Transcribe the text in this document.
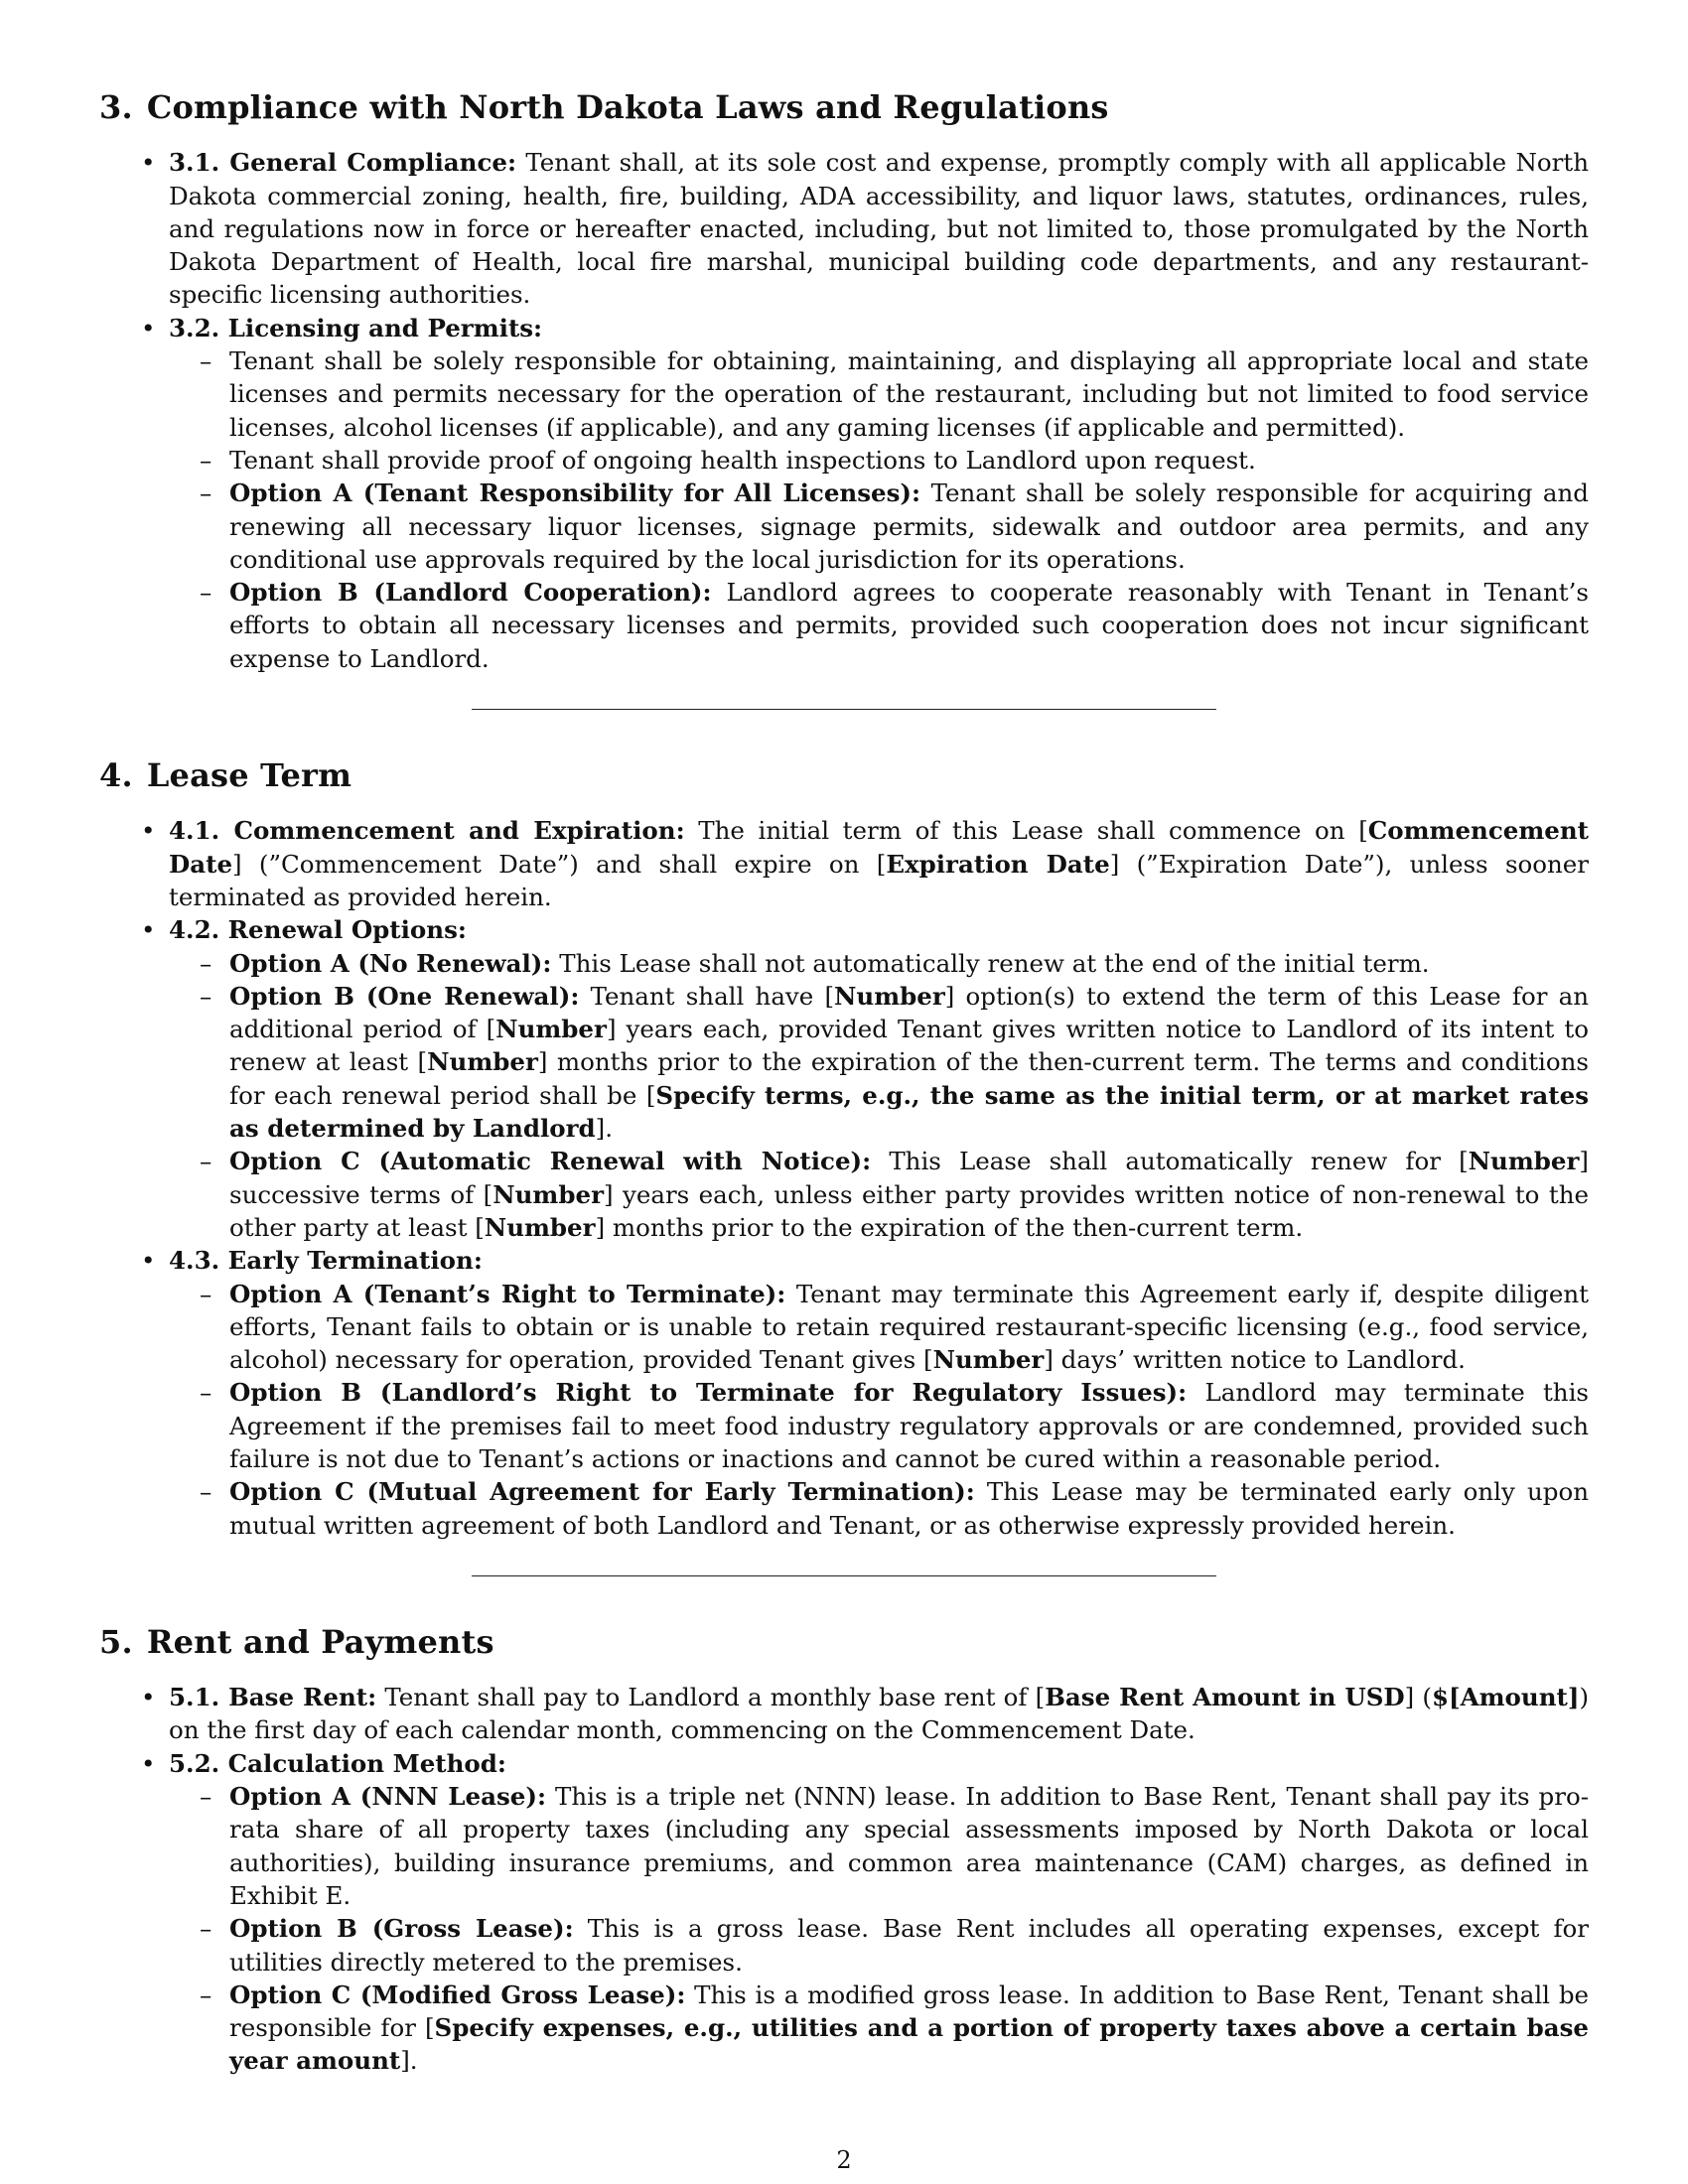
3. Compliance with North Dakota Laws and Regulations
• 3.1. General Compliance: Tenant shall, at its sole cost and expense, promptly comply with all applicable North Dakota commercial zoning, health, fire, building, ADA accessibility, and liquor laws, statutes, ordinances, rules, and regulations now in force or hereafter enacted, including, but not limited to, those promulgated by the North Dakota Department of Health, local fire marshal, municipal building code departments, and any restaurant-specific licensing authorities.
• 3.2. Licensing and Permits:
– Tenant shall be solely responsible for obtaining, maintaining, and displaying all appropriate local and state licenses and permits necessary for the operation of the restaurant, including but not limited to food service licenses, alcohol licenses (if applicable), and any gaming licenses (if applicable and permitted).
– Tenant shall provide proof of ongoing health inspections to Landlord upon request.
– Option A (Tenant Responsibility for All Licenses): Tenant shall be solely responsible for acquiring and renewing all necessary liquor licenses, signage permits, sidewalk and outdoor area permits, and any conditional use approvals required by the local jurisdiction for its operations.
– Option B (Landlord Cooperation): Landlord agrees to cooperate reasonably with Tenant in Tenant’s efforts to obtain all necessary licenses and permits, provided such cooperation does not incur significant expense to Landlord.
4. Lease Term
• 4.1. Commencement and Expiration: The initial term of this Lease shall commence on [Commencement Date] (”Commencement Date”) and shall expire on [Expiration Date] (”Expiration Date”), unless sooner terminated as provided herein.
• 4.2. Renewal Options:
– Option A (No Renewal): This Lease shall not automatically renew at the end of the initial term.
– Option B (One Renewal): Tenant shall have [Number] option(s) to extend the term of this Lease for an additional period of [Number] years each, provided Tenant gives written notice to Landlord of its intent to renew at least [Number] months prior to the expiration of the then-current term. The terms and conditions for each renewal period shall be [Specify terms, e.g., the same as the initial term, or at market rates as determined by Landlord].
– Option C (Automatic Renewal with Notice): This Lease shall automatically renew for [Number] successive terms of [Number] years each, unless either party provides written notice of non-renewal to the other party at least [Number] months prior to the expiration of the then-current term.
• 4.3. Early Termination:
– Option A (Tenant’s Right to Terminate): Tenant may terminate this Agreement early if, despite diligent efforts, Tenant fails to obtain or is unable to retain required restaurant-specific licensing (e.g., food service, alcohol) necessary for operation, provided Tenant gives [Number] days’ written notice to Landlord.
– Option B (Landlord’s Right to Terminate for Regulatory Issues): Landlord may terminate this Agreement if the premises fail to meet food industry regulatory approvals or are condemned, provided such failure is not due to Tenant’s actions or inactions and cannot be cured within a reasonable period.
– Option C (Mutual Agreement for Early Termination): This Lease may be terminated early only upon mutual written agreement of both Landlord and Tenant, or as otherwise expressly provided herein.
5. Rent and Payments
• 5.1. Base Rent: Tenant shall pay to Landlord a monthly base rent of [Base Rent Amount in USD] ($[Amount]) on the first day of each calendar month, commencing on the Commencement Date.
• 5.2. Calculation Method:
– Option A (NNN Lease): This is a triple net (NNN) lease. In addition to Base Rent, Tenant shall pay its pro-rata share of all property taxes (including any special assessments imposed by North Dakota or local authorities), building insurance premiums, and common area maintenance (CAM) charges, as defined in Exhibit E.
– Option B (Gross Lease): This is a gross lease. Base Rent includes all operating expenses, except for utilities directly metered to the premises.
– Option C (Modified Gross Lease): This is a modified gross lease. In addition to Base Rent, Tenant shall be responsible for [Specify expenses, e.g., utilities and a portion of property taxes above a certain base year amount].
2
